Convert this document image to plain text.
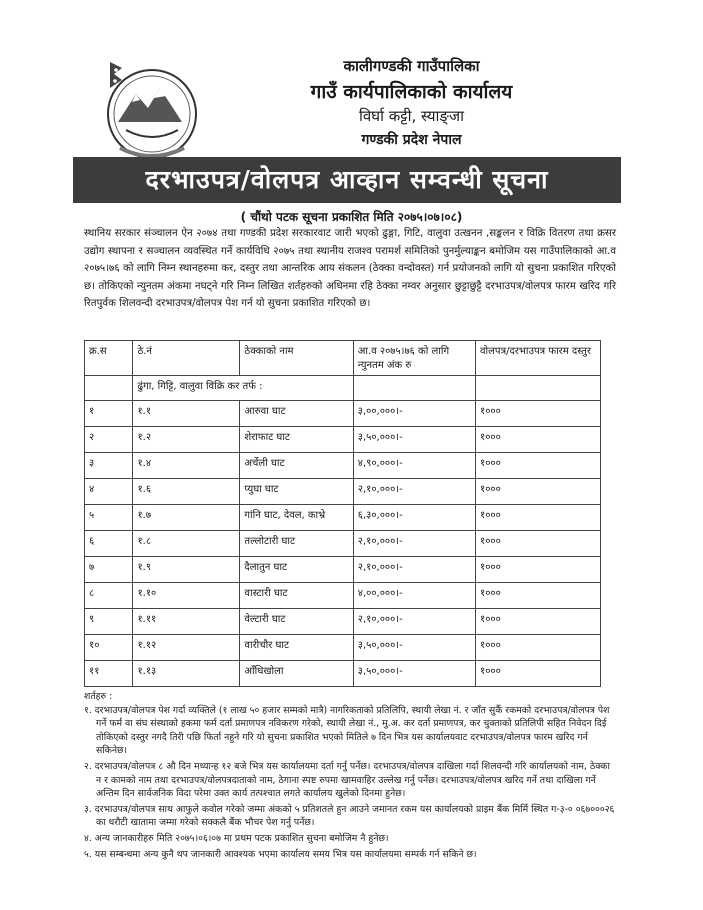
कालीगण्डकी गाउँपालिका
गाउँ कार्यपालिकाको कार्यालय
विर्घा कट्टी, स्याङ्जा
गण्डकी प्रदेश नेपाल
दरभाउपत्र/वोलपत्र आव्हान सम्वन्धी सूचना
( चौंथो पटक सूचना प्रकाशित मिति २०७५।०७।०८)
स्थानिय सरकार संञ्चालन ऐन २०७४ तथा गण्डकी प्रदेश सरकारवाट जारी भएको ढुङ्गा, गिटि, वालुवा उत्खनन ,सङ्कलन र विक्रि वितरण तथा क्रसर उद्योग स्थापना र सञ्चालन व्यवस्थित गर्ने कार्यविधि २०७५ तथा स्थानीय राजश्व परामर्श समितिको पुनर्मुल्याङ्कन बमोजिम यस गाउँपालिकाको आ.व २०७५।७६ को लागि निम्न स्थानहरुमा कर, दस्तुर तथा आन्तरिक आय संकलन (ठेक्का वन्दोवस्त) गर्न प्रयोजनको लागि यो सुचना प्रकाशित गरिएको छ। तोकिएको न्युनतम अंकमा नघट्ने गरि निम्न लिखित शर्तहरुको अधिनमा रहि ठेक्का नम्वर अनुसार छुट्टाछुट्टै दरभाउपत्र/वोलपत्र फारम खरिद गरि रितपुर्वक शिलवन्दी दरभाउपत्र/वोलपत्र पेश गर्न यो सुचना प्रकाशित गरिएको छ।
क्र.स	ठे.नं	ठेक्काको नाम	आ.व २०७५।७६ को लागि न्युनतम अंक रु	वोलपत्र/दरभाउपत्र फारम दस्तुर
	ढुंगा, गिट्टि, वालुवा विक्रि कर तर्फ :			
१	१.१	आरुवा घाट	३,००,०००।-	१०००
२	१.२	शेराफाट घाट	३,५०,०००।-	१०००
३	१.४	अर्चेली घाट	४,९०,०००।-	१०००
४	१.६	प्युघा घाट	२,१०,०००।-	१०००
५	१.७	गांनि घाट, देवल, काभ्रे	६,३०,०००।-	१०००
६	१.८	तल्लोटारी घाट	२,१०,०००।-	१०००
७	१.९	दैलातुन घाट	२,१०,०००।-	१०००
८	१.१०	वास्टारी घाट	४,००,०००।-	१०००
९	१.११	वेल्टारी घाट	२,१०,०००।-	१०००
१०	१.१२	वारीचौर घाट	३,५०,०००।-	१०००
११	१.१३	आँधिखोला	३,५०,०००।-	१०००
शर्तहरु :
१. दरभाउपत्र/वोलपत्र पेश गर्दा व्यक्तिले (१ लाख ५० हजार सम्मको मात्रै) नागरिकताको प्रतिलिपि, स्थायी लेखा नं. र जाँत सुर्कै रकमको दरभाउपत्र/वोलपत्र पेश गर्ने फर्म वा संघ संस्थाको हकमा फर्म दर्ता प्रमाणपत्र नविकरण गरेको, स्थायी लेखा नं., मु.अ. कर दर्ता प्रमाणपत्र, कर चुक्ताको प्रतिलिपी सहित निवेदन दिई तोकिएको दस्तुर नगदै तिरी पछि फिर्ता नहुने गरि यो सुचना प्रकाशित भएको मितिले ७ दिन भित्र यस कार्यालयवाट दरभाउपत्र/वोलपत्र फारम खरिद गर्न सकिनेछ।
२. दरभाउपत्र/वोलपत्र ८ औ दिन मध्यान्ह १२ बजे भित्र यस कार्यालयमा दर्ता गर्नु पर्नेछ। दरभाउपत्र/वोलपत्र दाखिला गर्दा शिलवन्दी गरि कार्यालयको नाम, ठेक्का न र कामको नाम तथा दरभाउपत्र/वोलपत्रदाताको नाम, ठेगाना स्पष्ट रुपमा खामवाहिर उल्लेख गर्नु पर्नेछ। दरभाउपत्र/वोलपत्र खरिद गर्ने तथा दाखिला गर्ने अन्तिम दिन सार्वजनिक विदा परेमा उक्त कार्य तत्पश्चात लगते कार्यालय खुलेको दिनमा हुनेछ।
३. दरभाउपत्र/वोलपत्र साथ आफुले कवोल गरेको जम्मा अंकको ५ प्रतिशतले हुन आउने जमानत रकम यस कार्यालयको प्राइम बैंक मिर्मि स्थित ग-३-० ०६७०००२६ का धरौटी खातामा जम्मा गरेको सक्कलै बैंक भौचर पेश गर्नु पर्नेछ।
४. अन्य जानकारीहरु मिति २०७५।०६।०७ मा प्रथम पटक प्रकाशित सुचना बमोजिम नै हुनेछ।
५. यस सम्बन्धमा अन्य कुनै थप जानकारी आवश्यक भएमा कार्यालय समय भित्र यस कार्यालयमा सम्पर्क गर्न सकिने छ।
